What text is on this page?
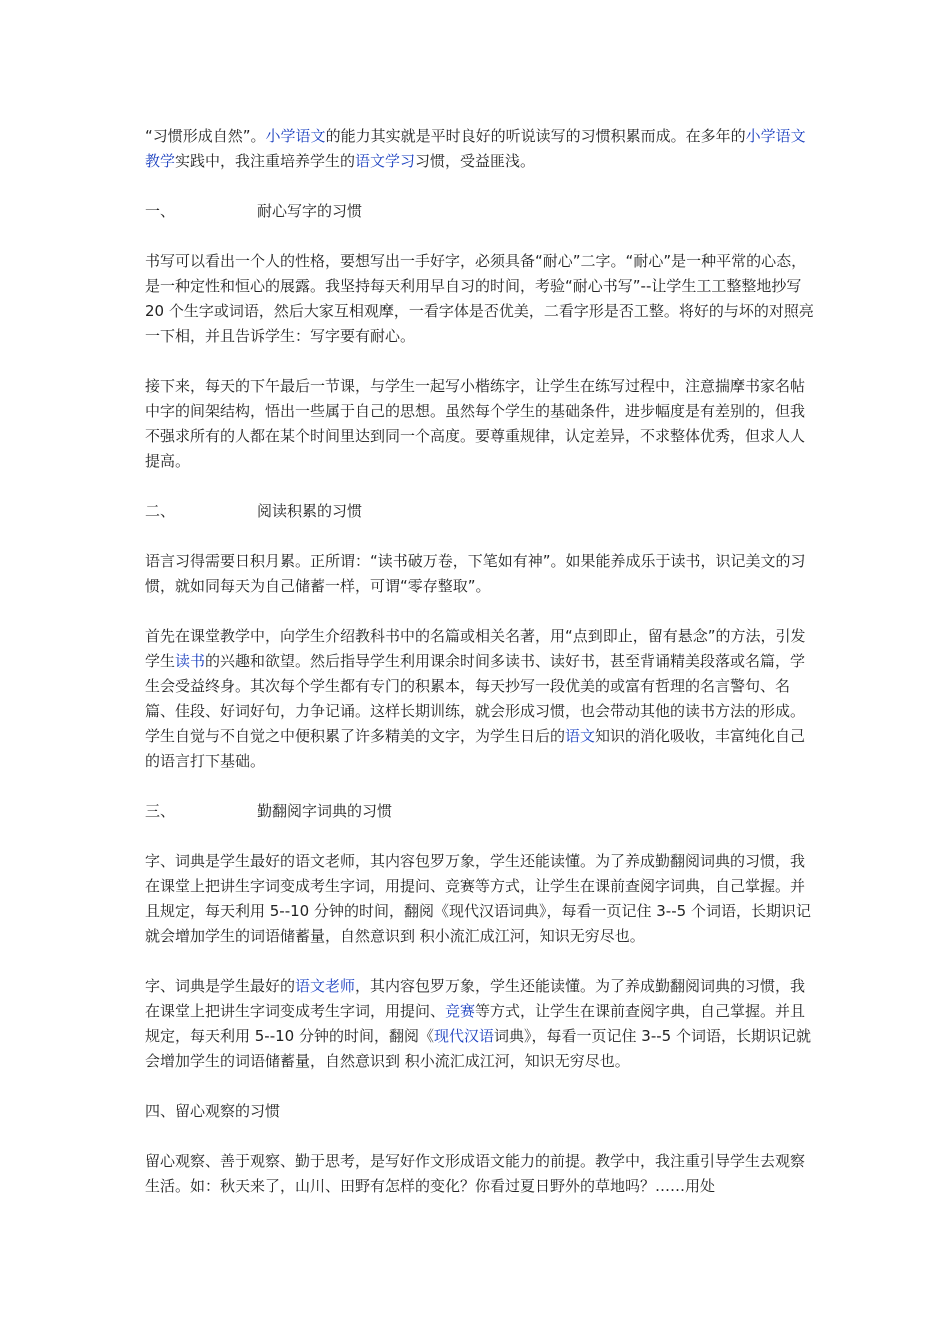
“习惯形成自然”。小学语文的能力其实就是平时良好的听说读写的习惯积累而成。在多年的小学语文教学实践中，我注重培养学生的语文学习习惯，受益匪浅。

一、	耐心写字的习惯

书写可以看出一个人的性格，要想写出一手好字，必须具备“耐心”二字。“耐心”是一种平常的心态，是一种定性和恒心的展露。我坚持每天利用早自习的时间，考验“耐心书写”--让学生工工整整地抄写 20 个生字或词语，然后大家互相观摩，一看字体是否优美，二看字形是否工整。将好的与坏的对照亮一下相，并且告诉学生：写字要有耐心。

接下来，每天的下午最后一节课，与学生一起写小楷练字，让学生在练写过程中，注意揣摩书家名帖中字的间架结构，悟出一些属于自己的思想。虽然每个学生的基础条件，进步幅度是有差别的，但我不强求所有的人都在某个时间里达到同一个高度。要尊重规律，认定差异，不求整体优秀，但求人人提高。

二、	阅读积累的习惯

语言习得需要日积月累。正所谓：“读书破万卷，下笔如有神”。如果能养成乐于读书，识记美文的习惯，就如同每天为自己储蓄一样，可谓“零存整取”。

首先在课堂教学中，向学生介绍教科书中的名篇或相关名著，用“点到即止，留有悬念”的方法，引发学生读书的兴趣和欲望。然后指导学生利用课余时间多读书、读好书，甚至背诵精美段落或名篇，学生会受益终身。其次每个学生都有专门的积累本，每天抄写一段优美的或富有哲理的名言警句、名篇、佳段、好词好句，力争记诵。这样长期训练，就会形成习惯，也会带动其他的读书方法的形成。学生自觉与不自觉之中便积累了许多精美的文字，为学生日后的语文知识的消化吸收，丰富纯化自己的语言打下基础。

三、	勤翻阅字词典的习惯

字、词典是学生最好的语文老师，其内容包罗万象，学生还能读懂。为了养成勤翻阅词典的习惯，我在课堂上把讲生字词变成考生字词，用提问、竞赛等方式，让学生在课前查阅字词典，自己掌握。并且规定，每天利用 5--10 分钟的时间，翻阅《现代汉语词典》，每看一页记住 3--5 个词语，长期识记就会增加学生的词语储蓄量，自然意识到 积小流汇成江河，知识无穷尽也。

字、词典是学生最好的语文老师，其内容包罗万象，学生还能读懂。为了养成勤翻阅词典的习惯，我在课堂上把讲生字词变成考生字词，用提问、竞赛等方式，让学生在课前查阅字典，自己掌握。并且规定，每天利用 5--10 分钟的时间，翻阅《现代汉语词典》，每看一页记住 3--5 个词语，长期识记就会增加学生的词语储蓄量，自然意识到 积小流汇成江河，知识无穷尽也。

四、留心观察的习惯

留心观察、善于观察、勤于思考，是写好作文形成语文能力的前提。教学中，我注重引导学生去观察生活。如：秋天来了，山川、田野有怎样的变化？你看过夏日野外的草地吗？……用处
